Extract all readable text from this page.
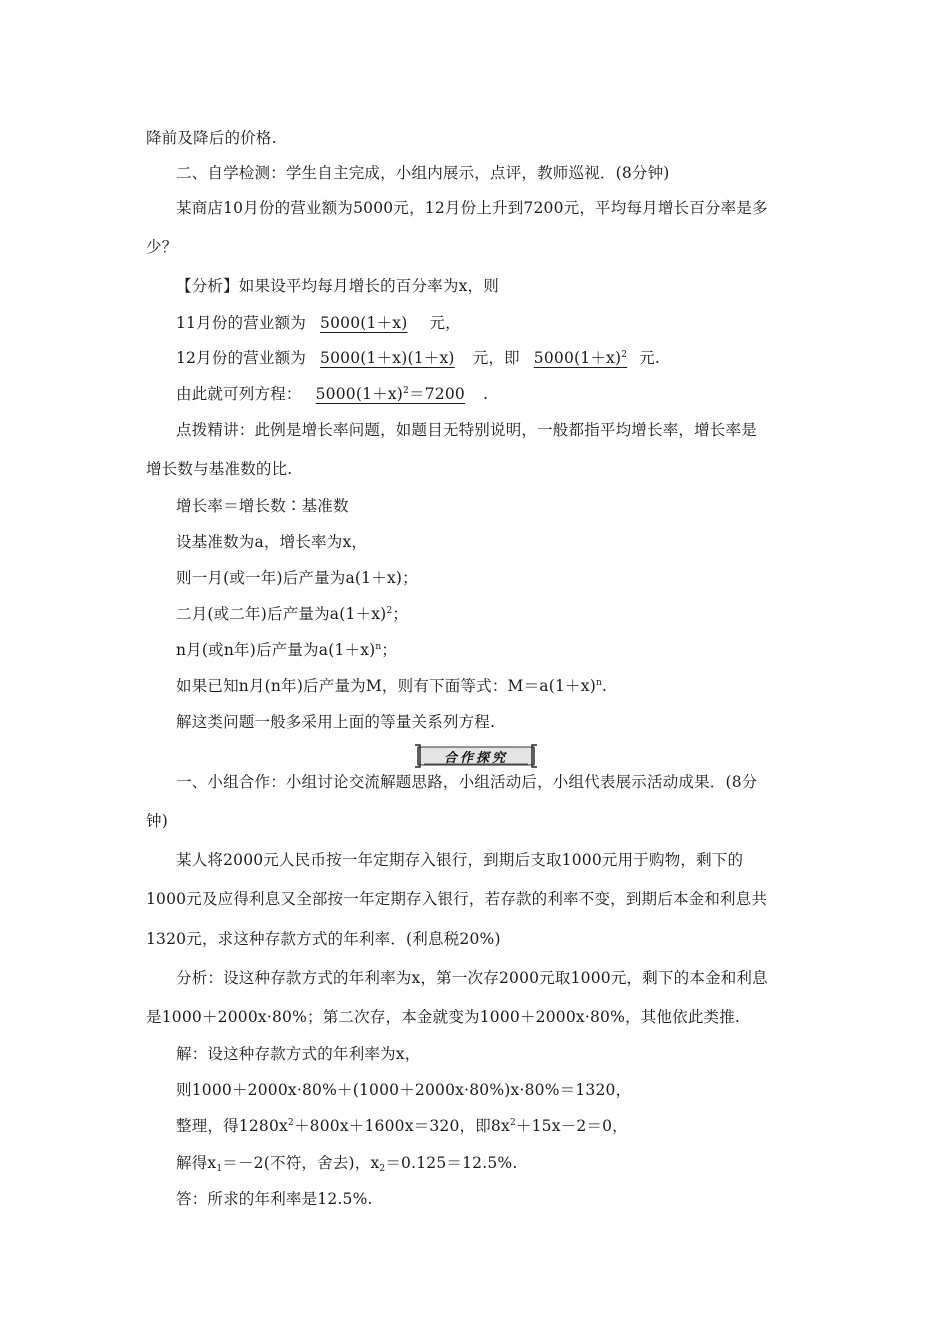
降前及降后的价格.
二、自学检测：学生自主完成，小组内展示，点评，教师巡视．(8分钟)
某商店10月份的营业额为5000元，12月份上升到7200元，平均每月增长百分率是多
少？
【分析】如果设平均每月增长的百分率为x，则
11月份的营业额为 5000(1＋x) 元，
12月份的营业额为 5000(1＋x)(1＋x) 元，即 $5000(1+x)^2$ 元.
由此就可列方程： $5000(1+x)^2=7200$ .
点拨精讲：此例是增长率问题，如题目无特别说明，一般都指平均增长率，增长率是
增长数与基准数的比.
增长率＝增长数∶基准数
设基准数为a，增长率为x，
则一月(或一年)后产量为a(1＋x)；
二月(或二年)后产量为$a(1+x)^2$；
n月(或n年)后产量为$a(1+x)^n$；
如果已知n月(n年)后产量为M，则有下面等式：$M=a(1+x)^n$.
解这类问题一般多采用上面的等量关系列方程.
合作探究
一、小组合作：小组讨论交流解题思路，小组活动后，小组代表展示活动成果．(8分
钟)
某人将2000元人民币按一年定期存入银行，到期后支取1000元用于购物，剩下的
1000元及应得利息又全部按一年定期存入银行，若存款的利率不变，到期后本金和利息共
1320元，求这种存款方式的年利率．(利息税20%)
分析：设这种存款方式的年利率为x，第一次存2000元取1000元，剩下的本金和利息
是1000＋2000x·80%；第二次存，本金就变为1000＋2000x·80%，其他依此类推.
解：设这种存款方式的年利率为x，
则1000＋2000x·80%＋(1000＋2000x·80%)x·80%＝1320，
整理，得$1280x^2+800x+1600x=320$，即$8x^2+15x-2=0$，
解得$x_1=-2$(不符，舍去)，$x_2=0.125=12.5\%$.
答：所求的年利率是12.5%.
